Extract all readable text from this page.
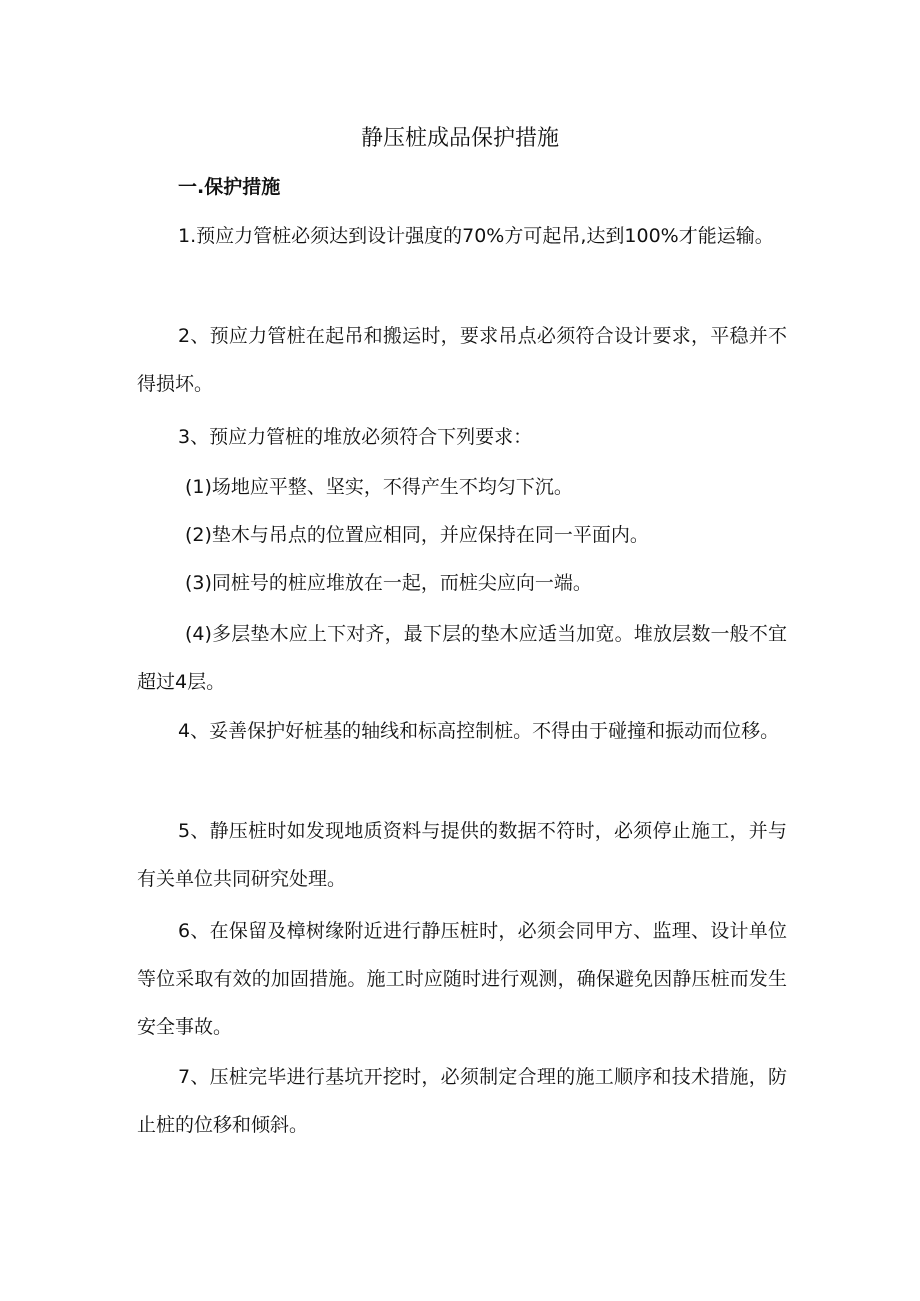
静压桩成品保护措施
一.保护措施

1.预应力管桩必须达到设计强度的70%方可起吊,达到100%才能运输。

2、预应力管桩在起吊和搬运时，要求吊点必须符合设计要求，平稳并不得损坏。

3、预应力管桩的堆放必须符合下列要求：

(1)场地应平整、坚实，不得产生不均匀下沉。

(2)垫木与吊点的位置应相同，并应保持在同一平面内。

(3)同桩号的桩应堆放在一起，而桩尖应向一端。

(4)多层垫木应上下对齐，最下层的垫木应适当加宽。堆放层数一般不宜超过4层。

4、妥善保护好桩基的轴线和标高控制桩。不得由于碰撞和振动而位移。

5、静压桩时如发现地质资料与提供的数据不符时，必须停止施工，并与有关单位共同研究处理。

6、在保留及樟树缘附近进行静压桩时，必须会同甲方、监理、设计单位等位采取有效的加固措施。施工时应随时进行观测，确保避免因静压桩而发生安全事故。

7、压桩完毕进行基坑开挖时，必须制定合理的施工顺序和技术措施，防止桩的位移和倾斜。
